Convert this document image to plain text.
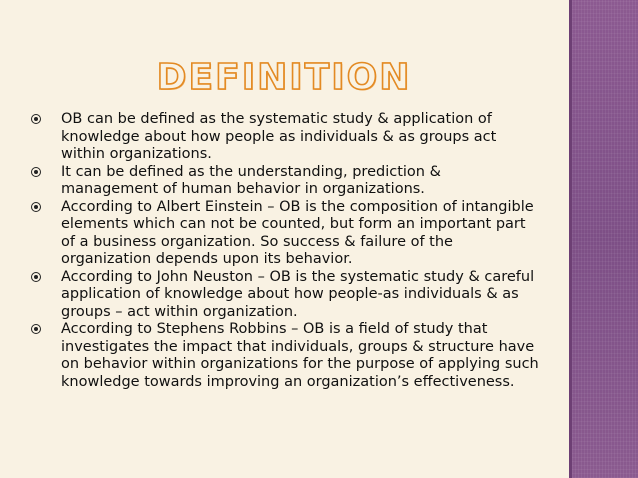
DEFINITION
OB can be defined as the systematic study & application of knowledge about how people as individuals & as groups act within organizations.
It can be defined as the understanding, prediction & management of human behavior in organizations.
According to Albert Einstein – OB is the composition of intangible elements which can not be counted, but form an important part of a business organization. So success & failure of the organization depends upon its behavior.
According to John Neuston – OB is the systematic study & careful application of knowledge about how people-as individuals & as groups – act within organization.
According to Stephens Robbins – OB is a field of study that investigates the impact that individuals, groups & structure have on behavior within organizations for the purpose of applying such knowledge towards improving an organization’s effectiveness.
